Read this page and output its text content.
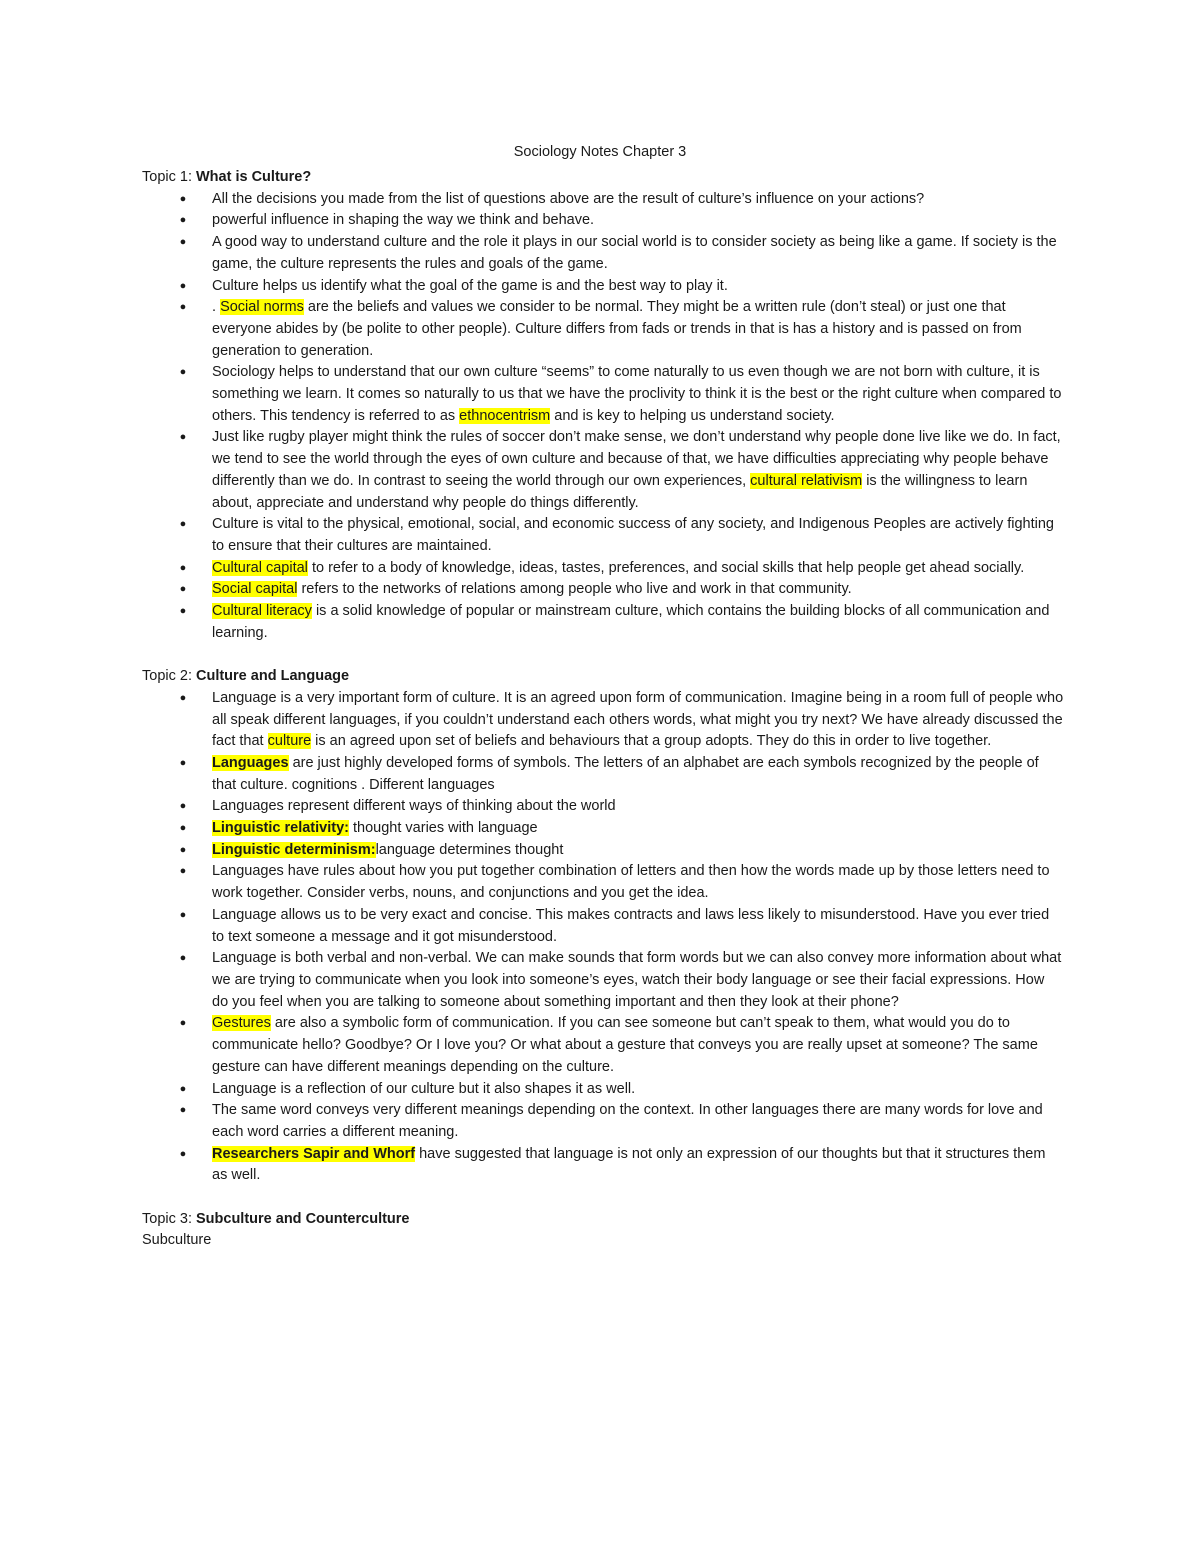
Sociology Notes Chapter 3

Topic 1: What is Culture?

● All the decisions you made from the list of questions above are the result of culture’s influence on your actions?
● powerful influence in shaping the way we think and behave.
● A good way to understand culture and the role it plays in our social world is to consider society as being like a game. If society is the game, the culture represents the rules and goals of the game.
● Culture helps us identify what the goal of the game is and the best way to play it.
● . Social norms are the beliefs and values we consider to be normal. They might be a written rule (don’t steal) or just one that everyone abides by (be polite to other people). Culture differs from fads or trends in that is has a history and is passed on from generation to generation.
● Sociology helps to understand that our own culture “seems” to come naturally to us even though we are not born with culture, it is something we learn. It comes so naturally to us that we have the proclivity to think it is the best or the right culture when compared to others. This tendency is referred to as ethnocentrism and is key to helping us understand society.
● Just like rugby player might think the rules of soccer don’t make sense, we don’t understand why people done live like we do. In fact, we tend to see the world through the eyes of own culture and because of that, we have difficulties appreciating why people behave differently than we do. In contrast to seeing the world through our own experiences, cultural relativism is the willingness to learn about, appreciate and understand why people do things differently.
● Culture is vital to the physical, emotional, social, and economic success of any society, and Indigenous Peoples are actively fighting to ensure that their cultures are maintained.
● Cultural capital to refer to a body of knowledge, ideas, tastes, preferences, and social skills that help people get ahead socially.
● Social capital refers to the networks of relations among people who live and work in that community.
● Cultural literacy is a solid knowledge of popular or mainstream culture, which contains the building blocks of all communication and learning.

Topic 2: Culture and Language

● Language is a very important form of culture. It is an agreed upon form of communication. Imagine being in a room full of people who all speak different languages, if you couldn’t understand each others words, what might you try next? We have already discussed the fact that culture is an agreed upon set of beliefs and behaviours that a group adopts. They do this in order to live together.
● Languages are just highly developed forms of symbols. The letters of an alphabet are each symbols recognized by the people of that culture. cognitions . Different languages
● Languages represent different ways of thinking about the world
● Linguistic relativity: thought varies with language
● Linguistic determinism:language determines thought
● Languages have rules about how you put together combination of letters and then how the words made up by those letters need to work together. Consider verbs, nouns, and conjunctions and you get the idea.
● Language allows us to be very exact and concise. This makes contracts and laws less likely to misunderstood. Have you ever tried to text someone a message and it got misunderstood.
● Language is both verbal and non-verbal. We can make sounds that form words but we can also convey more information about what we are trying to communicate when you look into someone’s eyes, watch their body language or see their facial expressions. How do you feel when you are talking to someone about something important and then they look at their phone?
● Gestures are also a symbolic form of communication. If you can see someone but can’t speak to them, what would you do to communicate hello? Goodbye? Or I love you? Or what about a gesture that conveys you are really upset at someone? The same gesture can have different meanings depending on the culture.
● Language is a reflection of our culture but it also shapes it as well.
● The same word conveys very different meanings depending on the context. In other languages there are many words for love and each word carries a different meaning.
● Researchers Sapir and Whorf have suggested that language is not only an expression of our thoughts but that it structures them as well.

Topic 3: Subculture and Counterculture

Subculture
